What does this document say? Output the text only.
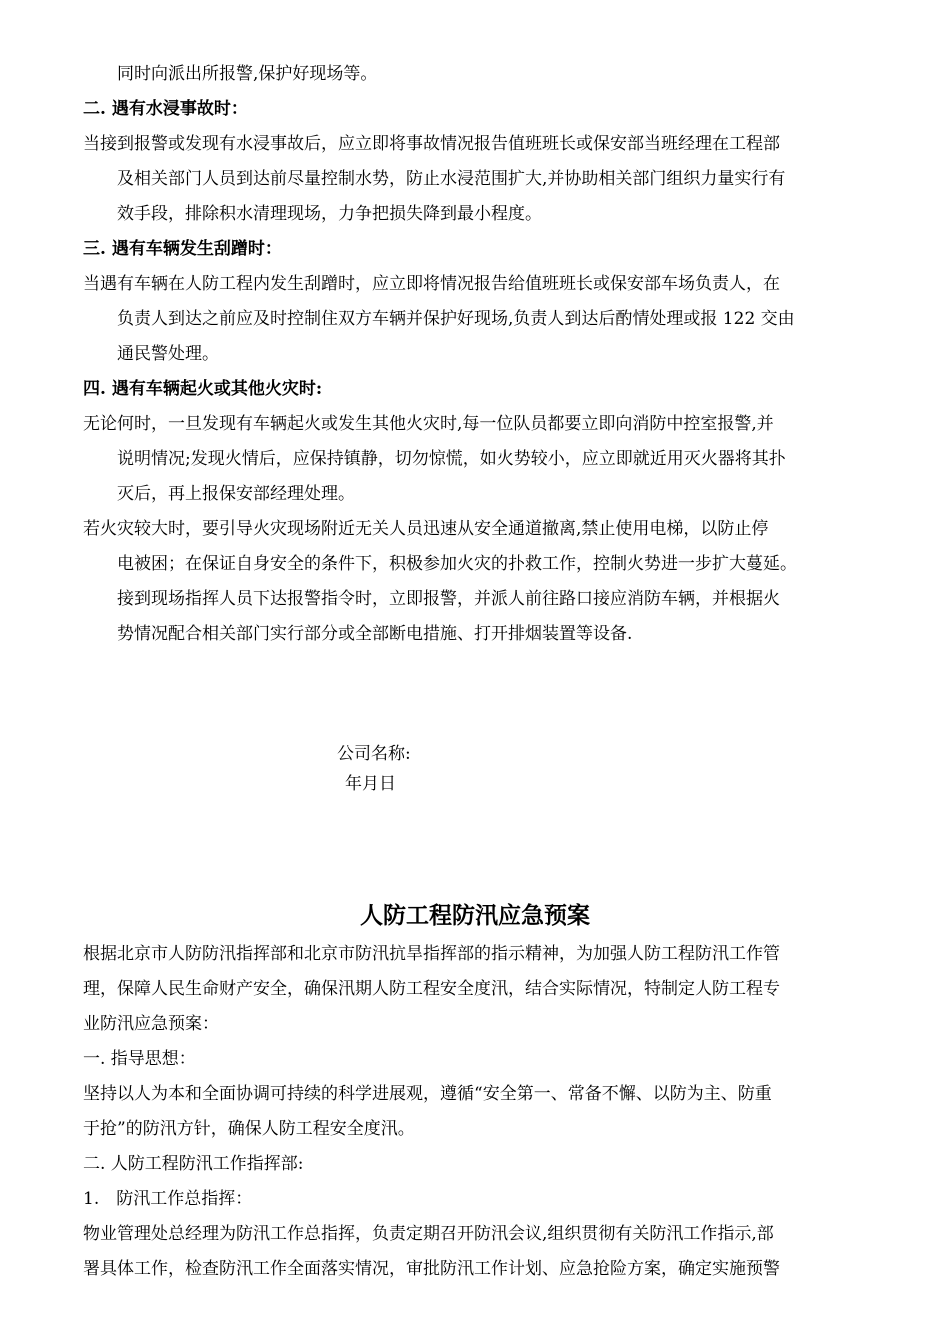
同时向派出所报警,保护好现场等。
二. 遇有水浸事故时：
当接到报警或发现有水浸事故后，应立即将事故情况报告值班班长或保安部当班经理在工程部
及相关部门人员到达前尽量控制水势，防止水浸范围扩大,并协助相关部门组织力量实行有
效手段，排除积水清理现场，力争把损失降到最小程度。
三. 遇有车辆发生刮蹭时：
当遇有车辆在人防工程内发生刮蹭时，应立即将情况报告给值班班长或保安部车场负责人，在
负责人到达之前应及时控制住双方车辆并保护好现场,负责人到达后酌情处理或报 122 交由
通民警处理。
四. 遇有车辆起火或其他火灾时:
无论何时，一旦发现有车辆起火或发生其他火灾时,每一位队员都要立即向消防中控室报警,并
说明情况;发现火情后，应保持镇静，切勿惊慌，如火势较小，应立即就近用灭火器将其扑
灭后，再上报保安部经理处理。
若火灾较大时，要引导火灾现场附近无关人员迅速从安全通道撤离,禁止使用电梯，以防止停
电被困；在保证自身安全的条件下，积极参加火灾的扑救工作，控制火势进一步扩大蔓延。
接到现场指挥人员下达报警指令时，立即报警，并派人前往路口接应消防车辆，并根据火
势情况配合相关部门实行部分或全部断电措施、打开排烟装置等设备.
公司名称:
年月日
人防工程防汛应急预案
根据北京市人防防汛指挥部和北京市防汛抗旱指挥部的指示精神，为加强人防工程防汛工作管
理，保障人民生命财产安全，确保汛期人防工程安全度汛，结合实际情况，特制定人防工程专
业防汛应急预案：
一. 指导思想：
坚持以人为本和全面协调可持续的科学进展观，遵循“安全第一、常备不懈、以防为主、防重
于抢”的防汛方针，确保人防工程安全度汛。
二. 人防工程防汛工作指挥部:
1.　防汛工作总指挥：
物业管理处总经理为防汛工作总指挥，负责定期召开防汛会议,组织贯彻有关防汛工作指示,部
署具体工作，检查防汛工作全面落实情况，审批防汛工作计划、应急抢险方案，确定实施预警
